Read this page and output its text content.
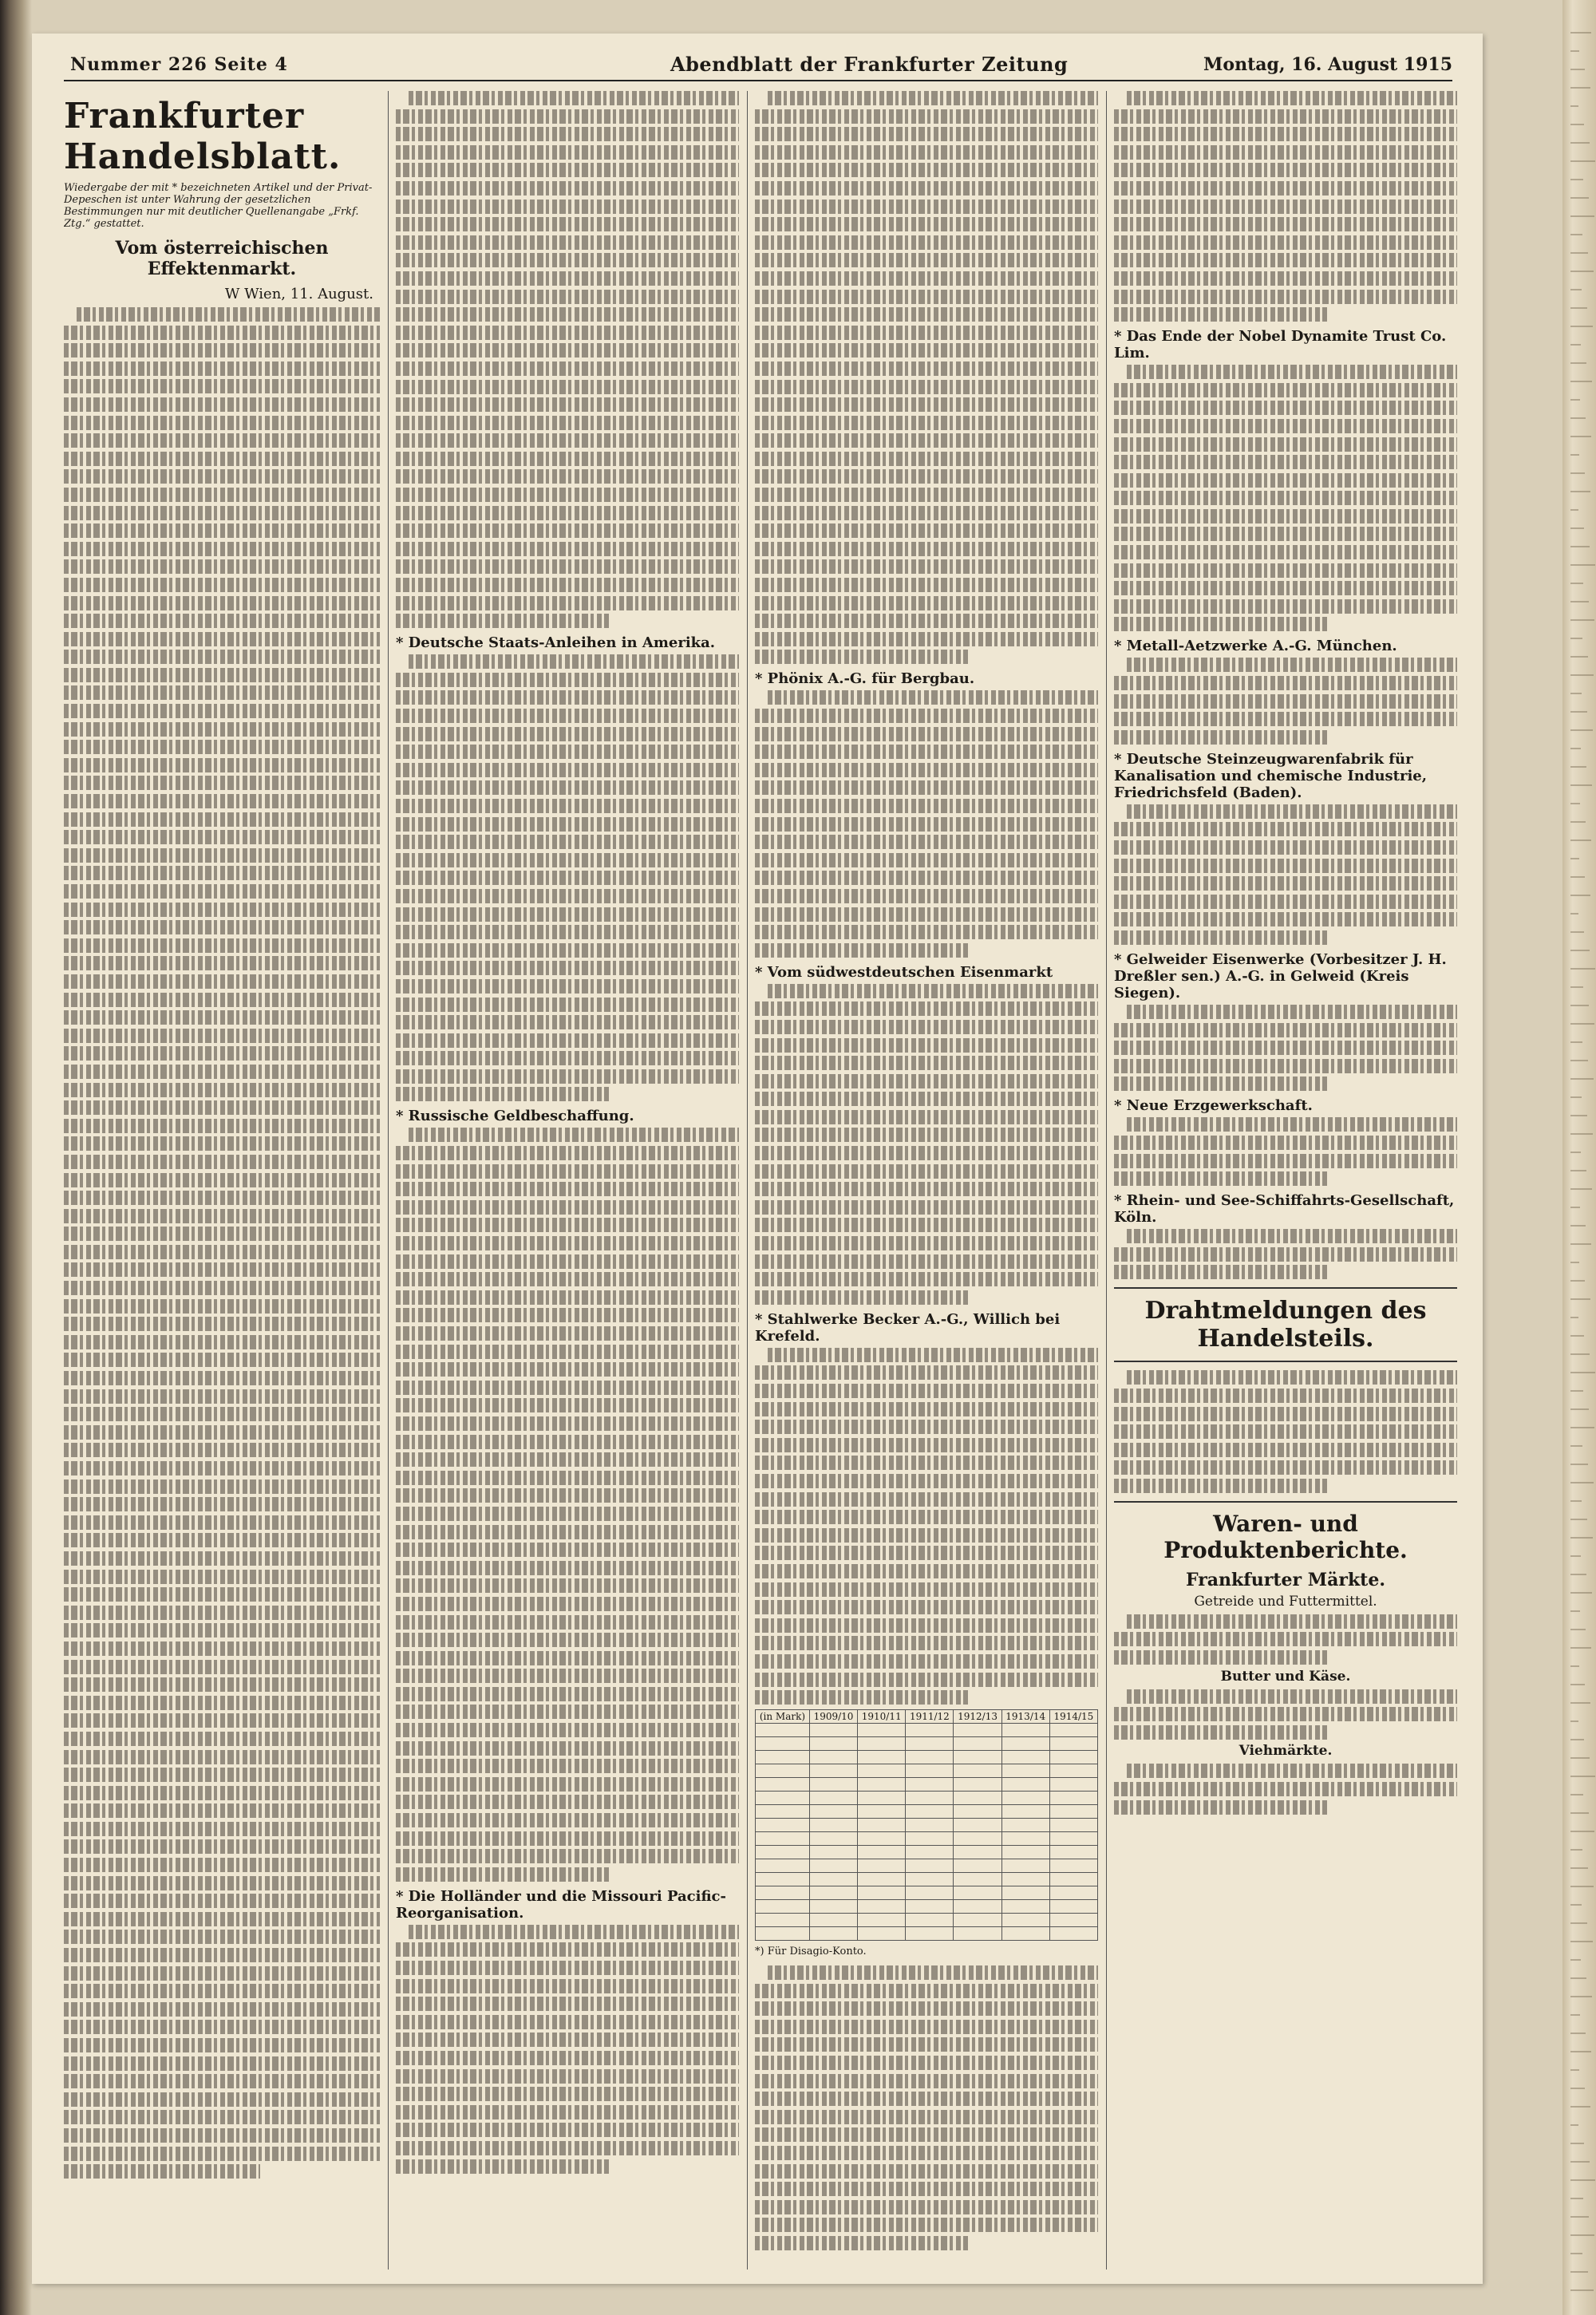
Nummer 226 Seite 4	Abendblatt der Frankfurter Zeitung	Montag, 16. August 1915
Frankfurter Handelsblatt.
Wiedergabe der mit * bezeichneten Artikel und der Privat-Depeschen ist unter Wahrung der gesetzlichen Bestimmungen nur mit deutlicher Quellenangabe „Frkf. Ztg.“ gestattet.
Vom österreichischen Effektenmarkt.
W Wien, 11. August.
* Deutsche Staats-Anleihen in Amerika.
* Russische Geldbeschaffung.
* Die Holländer und die Missouri Pacific-Reorganisation.
* Phönix A.-G. für Bergbau.
* Vom südwestdeutschen Eisenmarkt
* Stahlwerke Becker A.-G., Willich bei Krefeld.
(in Mark)	1909/10	1910/11	1911/12	1912/13	1913/14	1914/15

*) Für Disagio-Konto.
* Das Ende der Nobel Dynamite Trust Co. Lim.
* Metall-Aetzwerke A.-G. München.
* Deutsche Steinzeugwarenfabrik für Kanalisation und chemische Industrie, Friedrichsfeld (Baden).
* Gelweider Eisenwerke (Vorbesitzer J. H. Dreßler sen.) A.-G. in Gelweid (Kreis Siegen).
* Neue Erzgewerkschaft.
* Rhein- und See-Schiffahrts-Gesellschaft, Köln.
Drahtmeldungen des Handelsteils.
Waren- und Produktenberichte.
Frankfurter Märkte.
Getreide und Futtermittel.
Butter und Käse.
Viehmärkte.
